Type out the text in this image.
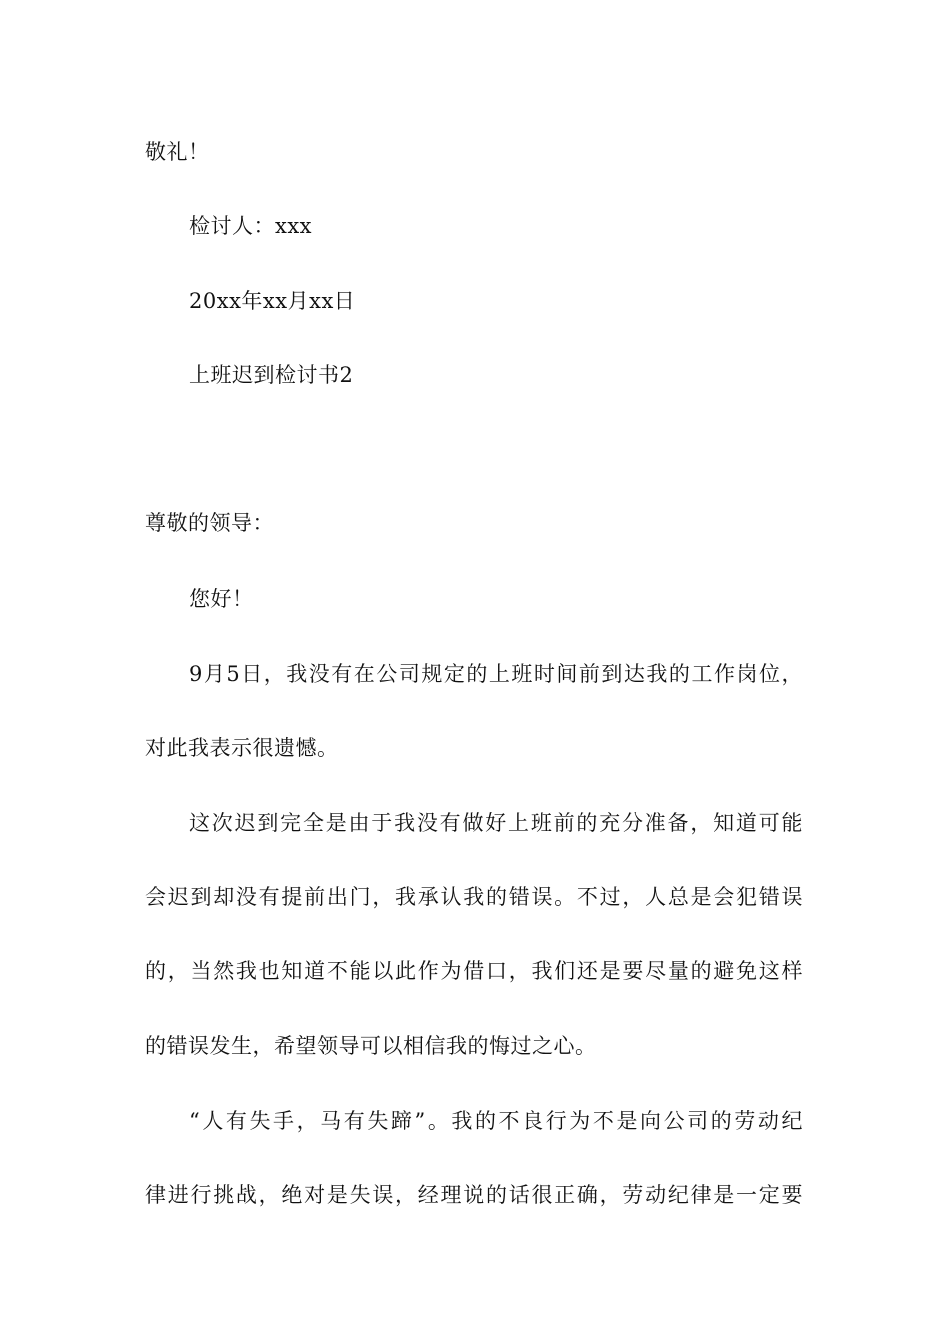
敬礼！
检讨人：xxx
20xx年xx月xx日
上班迟到检讨书2
尊敬的领导：
您好！
9月5日，我没有在公司规定的上班时间前到达我的工作岗位，
对此我表示很遗憾。
这次迟到完全是由于我没有做好上班前的充分准备，知道可能
会迟到却没有提前出门，我承认我的错误。不过，人总是会犯错误
的，当然我也知道不能以此作为借口，我们还是要尽量的避免这样
的错误发生，希望领导可以相信我的悔过之心。
“人有失手，马有失蹄”。我的不良行为不是向公司的劳动纪
律进行挑战，绝对是失误，经理说的话很正确，劳动纪律是一定要
